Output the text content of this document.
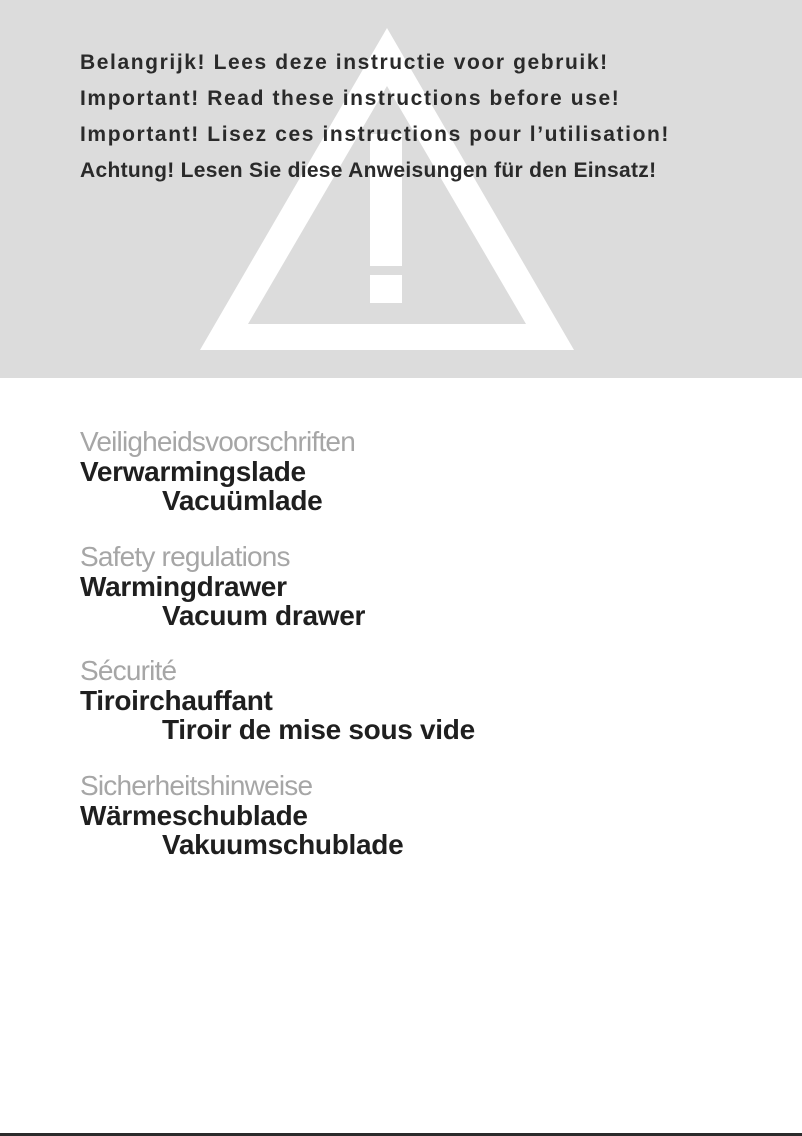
Belangrijk! Lees deze instructie voor gebruik!
Important! Read these instructions before use!
Important! Lisez ces instructions pour l’utilisation!
Achtung! Lesen Sie diese Anweisungen für den Einsatz!
Veiligheidsvoorschriften
Verwarmingslade
Vacuümlade
Safety regulations
Warmingdrawer
Vacuum drawer
Sécurité
Tiroirchauffant
Tiroir de mise sous vide
Sicherheitshinweise
Wärmeschublade
Vakuumschublade
